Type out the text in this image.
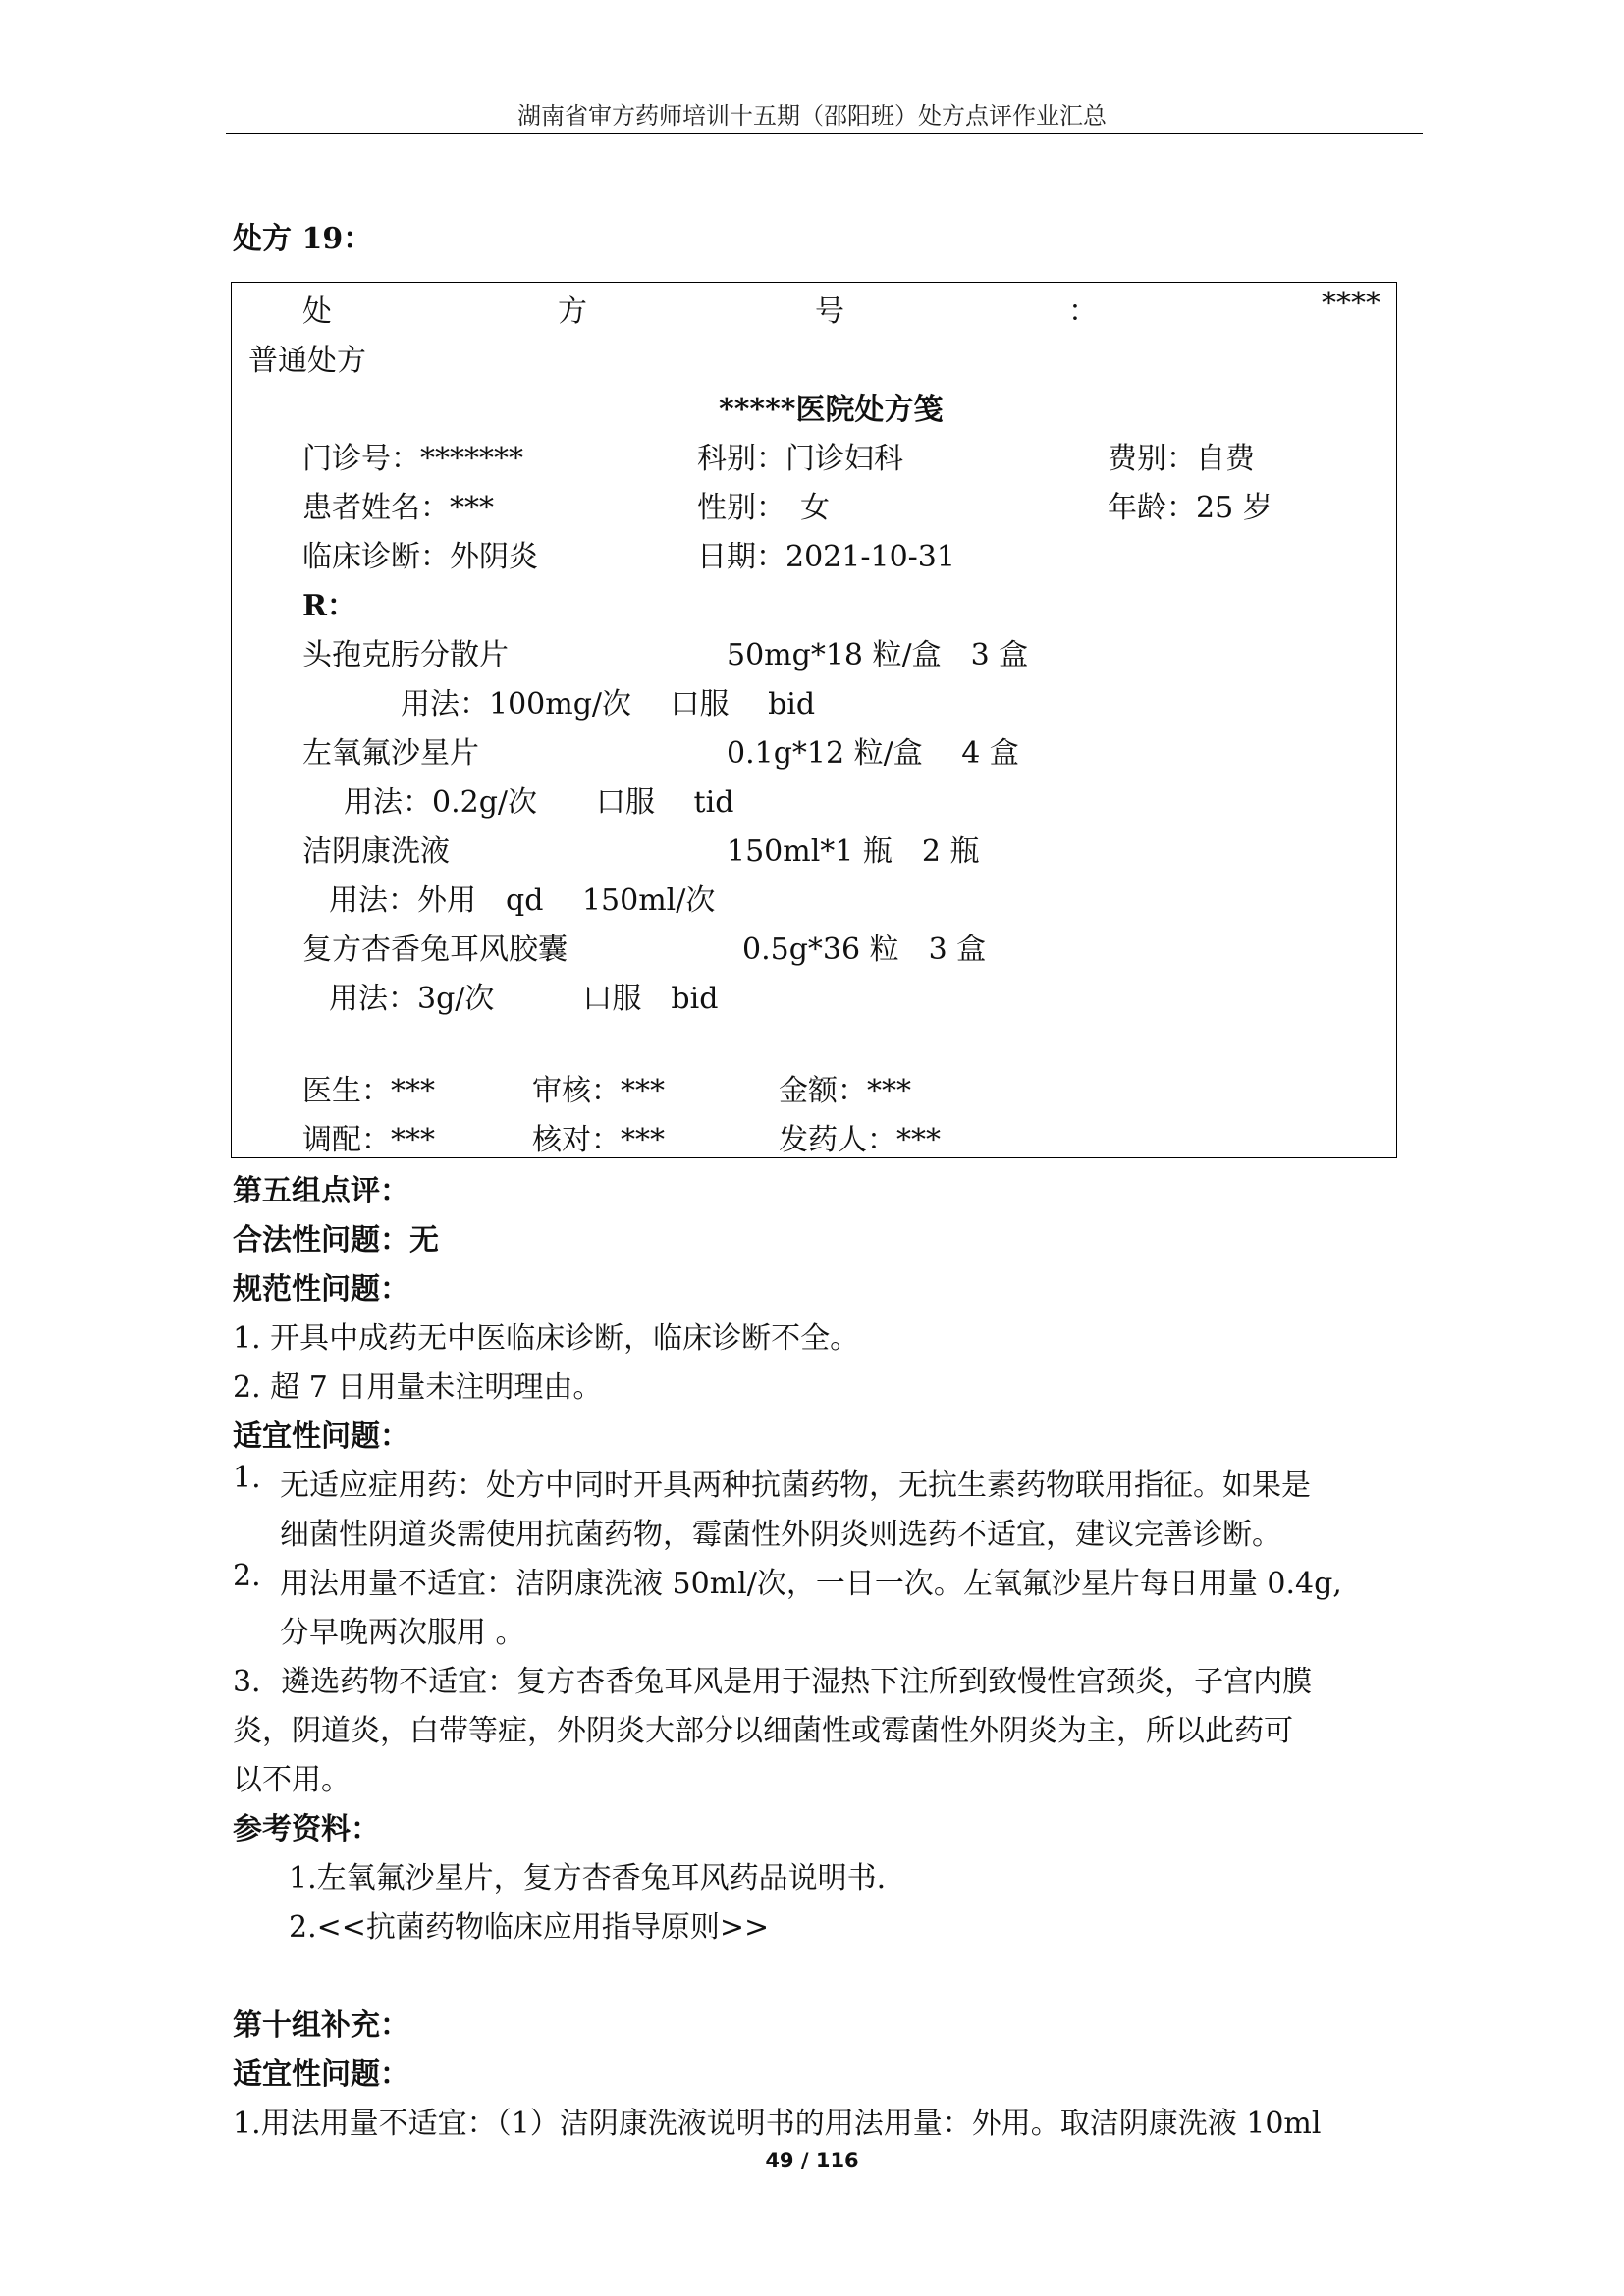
湖南省审方药师培训十五期（邵阳班）处方点评作业汇总
处方 19：
处	方	号	：	****
普通处方
*****医院处方笺
门诊号：*******	科别：门诊妇科	费别：自费
患者姓名：***	性别：　女	年龄：25 岁
临床诊断：外阴炎	日期：2021-10-31
R：
头孢克肟分散片	50mg*18 粒/盒　3 盒
用法：100mg/次　 口服　 bid
左氧氟沙星片	0.1g*12 粒/盒　 4 盒
用法：0.2g/次　　口服　 tid
洁阴康洗液	150ml*1 瓶　2 瓶
用法：外用　qd　 150ml/次
复方杏香兔耳风胶囊	0.5g*36 粒　3 盒
用法：3g/次　　　口服　bid
医生：***	审核：***	金额：***
调配：***	核对：***	发药人：***
第五组点评：
合法性问题：无
规范性问题：
1. 开具中成药无中医临床诊断，临床诊断不全。
2. 超 7 日用量未注明理由。
适宜性问题：
1. 无适应症用药：处方中同时开具两种抗菌药物，无抗生素药物联用指征。如果是
细菌性阴道炎需使用抗菌药物，霉菌性外阴炎则选药不适宜，建议完善诊断。
2. 用法用量不适宜：洁阴康洗液 50ml/次，一日一次。左氧氟沙星片每日用量 0.4g,
分早晚两次服用 。
3．遴选药物不适宜：复方杏香兔耳风是用于湿热下注所到致慢性宫颈炎，子宫内膜
炎，阴道炎，白带等症，外阴炎大部分以细菌性或霉菌性外阴炎为主，所以此药可
以不用。
参考资料：
1.左氧氟沙星片，复方杏香兔耳风药品说明书.
2.<<抗菌药物临床应用指导原则>>
第十组补充：
适宜性问题：
1.用法用量不适宜：（1）洁阴康洗液说明书的用法用量：外用。取洁阴康洗液 10ml
49 / 116
